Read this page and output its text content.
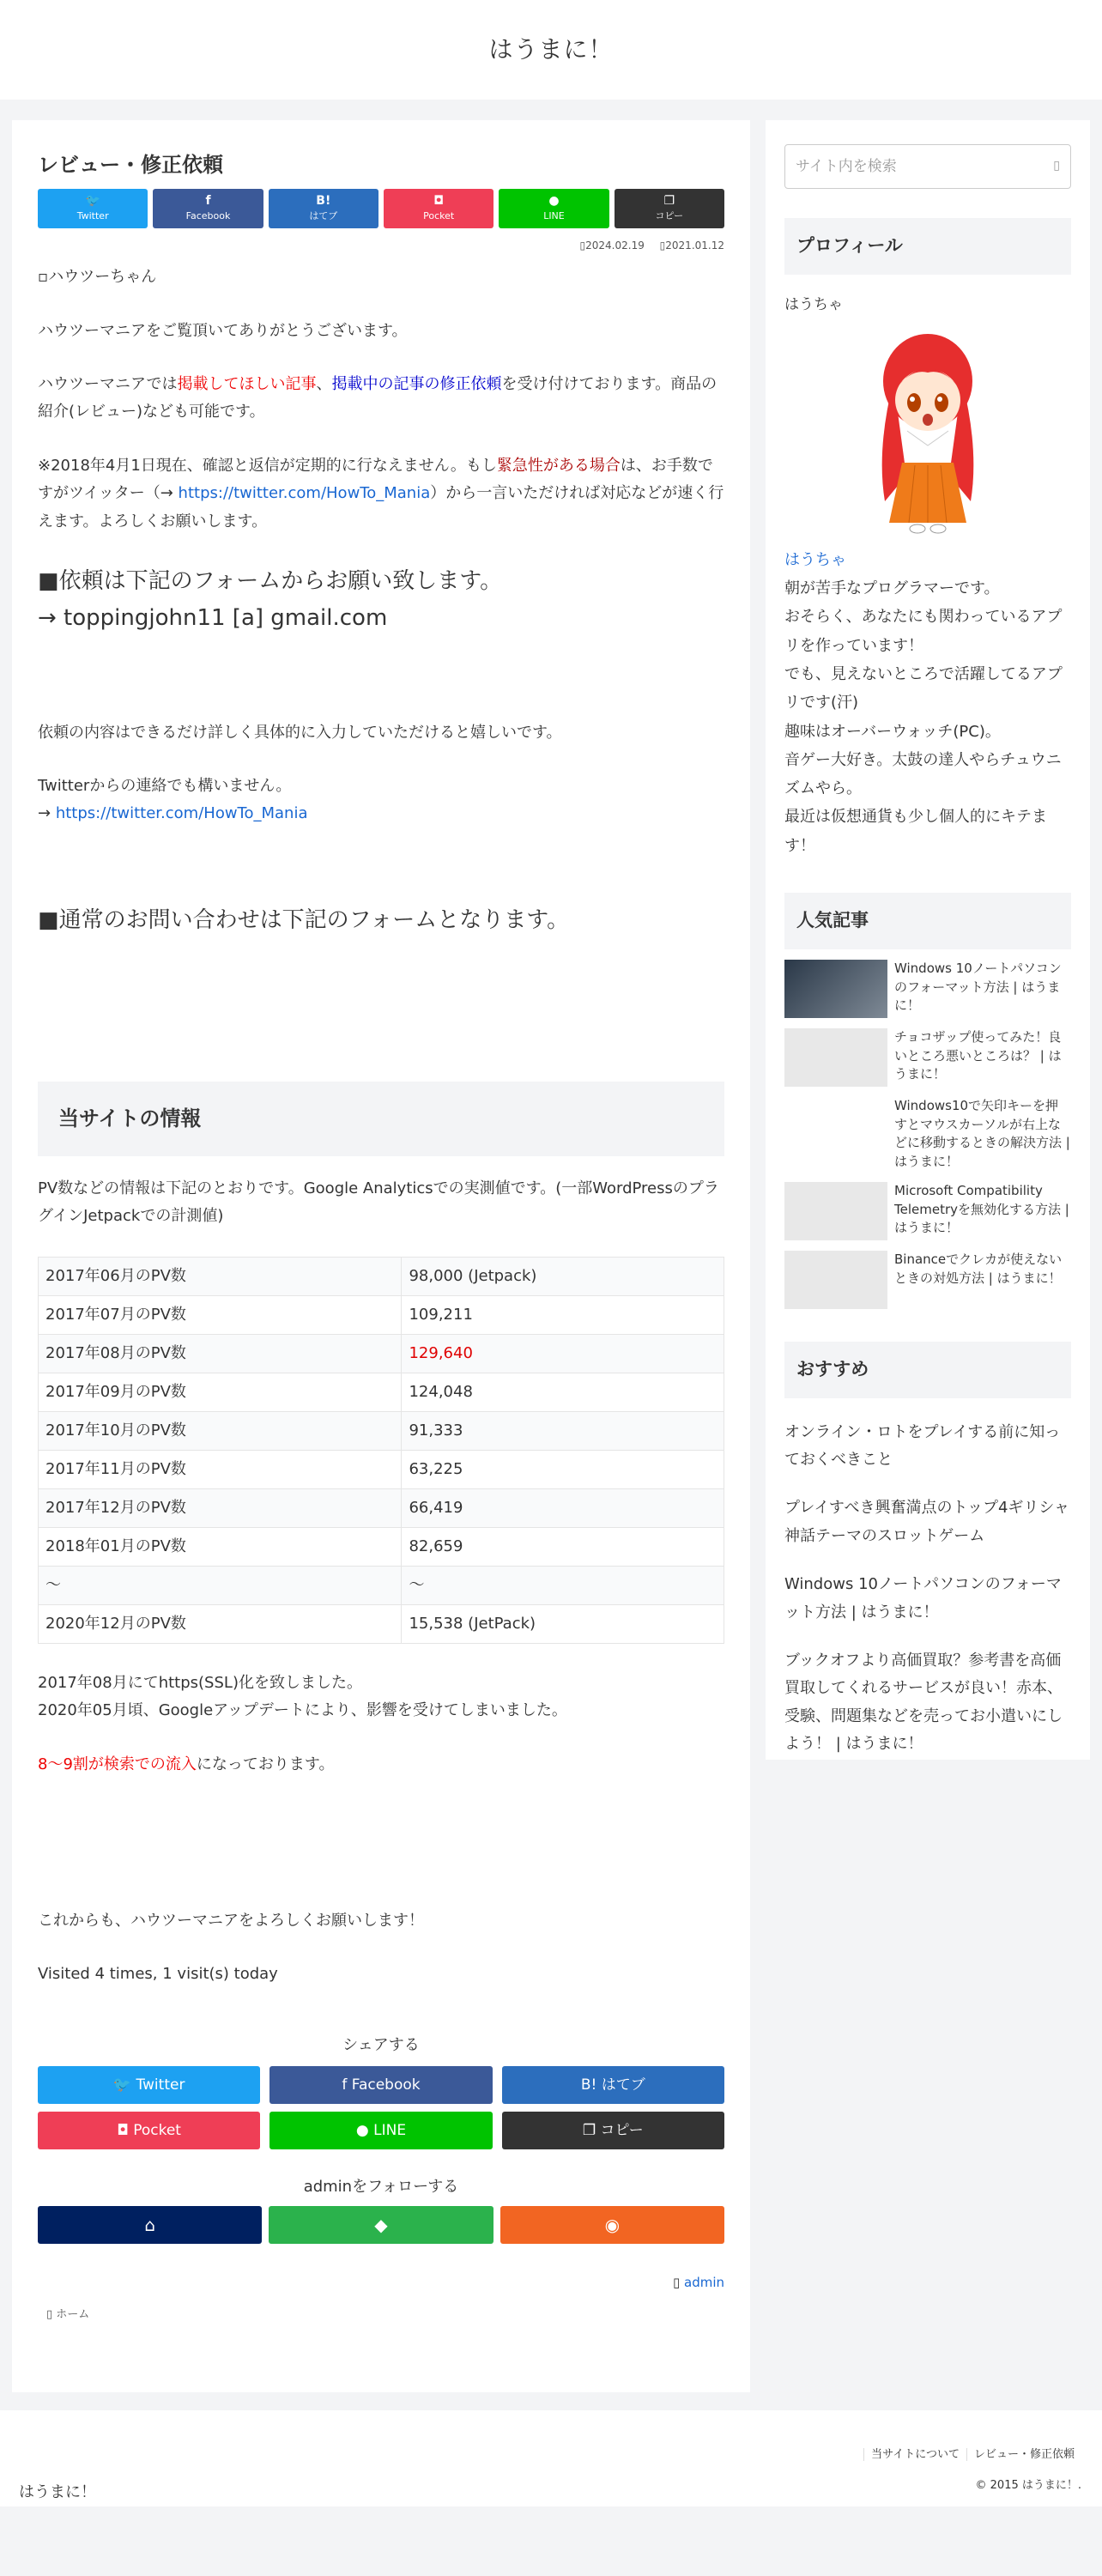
はうまに！
レビュー・修正依頼
🐦
Twitter
f
Facebook
B!
はてブ
◘
Pocket
●
LINE
❐
コピー
▯2024.02.19 ▯2021.01.12
▫ハウツーちゃん

ハウツーマニアをご覧頂いてありがとうございます。

ハウツーマニアでは掲載してほしい記事、掲載中の記事の修正依頼を受け付けております。商品の紹介(レビュー)なども可能です。

※2018年4月1日現在、確認と返信が定期的に行なえません。もし緊急性がある場合は、お手数ですがツイッター（→ https://twitter.com/HowTo_Mania）から一言いただければ対応などが速く行えます。よろしくお願いします。

■依頼は下記のフォームからお願い致します。
→ toppingjohn11 [a] gmail.com

依頼の内容はできるだけ詳しく具体的に入力していただけると嬉しいです。

Twitterからの連絡でも構いません。
→ https://twitter.com/HowTo_Mania

■通常のお問い合わせは下記のフォームとなります。
当サイトの情報

PV数などの情報は下記のとおりです。Google Analyticsでの実測値です。(一部WordPressのプラグインJetpackでの計測値)

2017年06月のPV数	98,000 (Jetpack)
2017年07月のPV数	109,211
2017年08月のPV数	129,640
2017年09月のPV数	124,048
2017年10月のPV数	91,333
2017年11月のPV数	63,225
2017年12月のPV数	66,419
2018年01月のPV数	82,659
〜	〜
2020年12月のPV数	15,538 (JetPack)

2017年08月にてhttps(SSL)化を致しました。
2020年05月頃、Googleアップデートにより、影響を受けてしまいました。

8〜9割が検索での流入になっております。

これからも、ハウツーマニアをよろしくお願いします！

Visited 4 times, 1 visit(s) today

シェアする
🐦 Twitter	f Facebook	B! はてブ
◘ Pocket	● LINE	❐ コピー
adminをフォローする
⌂	◆	◉
▯ admin
▯ ホーム
サイト内を検索	▯
プロフィール
はうちゃ
はうちゃ
朝が苦手なプログラマーです。
おそらく、あなたにも関わっているアプリを作っています！
でも、見えないところで活躍してるアプリです(汗)
趣味はオーバーウォッチ(PC)。
音ゲー大好き。太鼓の達人やらチュウニズムやら。
最近は仮想通貨も少し個人的にキテます！
人気記事
Windows 10ノートパソコンのフォーマット方法 | はうまに！
チョコザップ使ってみた！良いところ悪いところは？ | はうまに！
Windows10で矢印キーを押すとマウスカーソルが右上などに移動するときの解決方法 | はうまに！
Microsoft Compatibility Telemetryを無効化する方法 | はうまに！
Binanceでクレカが使えないときの対処方法 | はうまに！
おすすめ
オンライン・ロトをプレイする前に知っておくべきこと
プレイすべき興奮満点のトップ4ギリシャ神話テーマのスロットゲーム
Windows 10ノートパソコンのフォーマット方法 | はうまに！
ブックオフより高価買取？参考書を高価買取してくれるサービスが良い！赤本、受験、問題集などを売ってお小遣いにしよう！ | はうまに！
当サイトについて レビュー・修正依頼
© 2015 はうまに！.
はうまに！
